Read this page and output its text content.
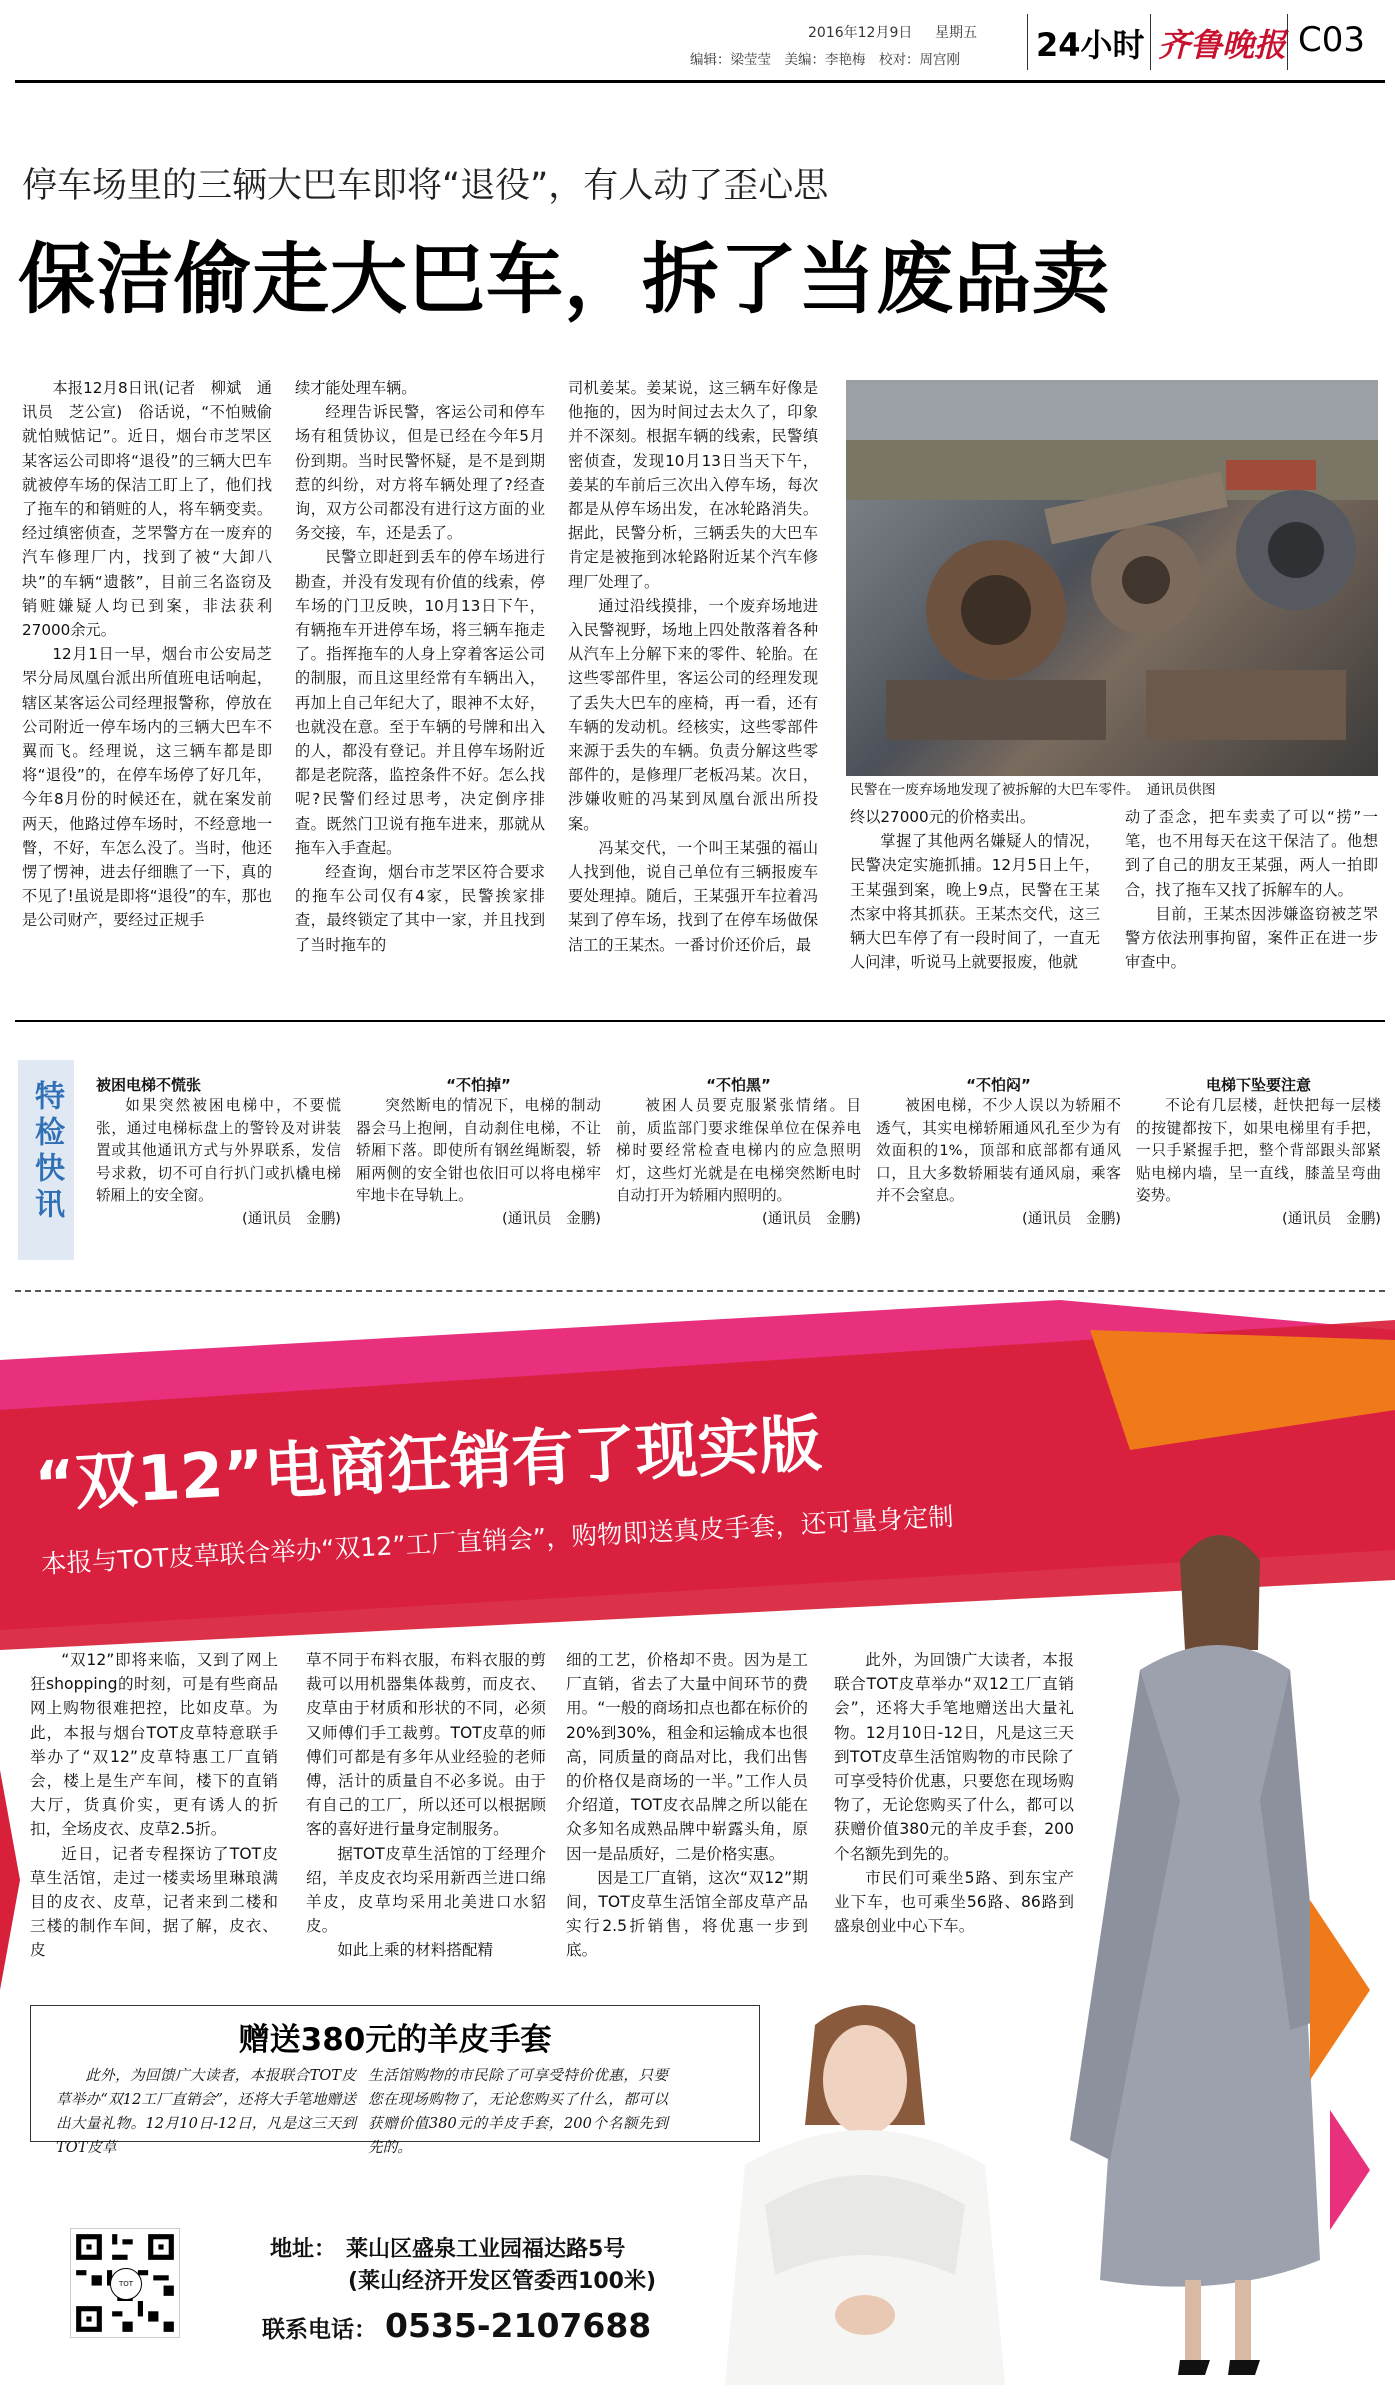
2016年12月9日 星期五
编辑：梁莹莹　美编：李艳梅　校对：周宫刚 24小时 齐鲁晚报 C03
停车场里的三辆大巴车即将“退役”，有人动了歪心思
保洁偷走大巴车，拆了当废品卖

本报12月8日讯(记者　柳斌　通讯员　芝公宣)　俗话说，“不怕贼偷就怕贼惦记”。近日，烟台市芝罘区某客运公司即将“退役”的三辆大巴车就被停车场的保洁工盯上了，他们找了拖车的和销赃的人，将车辆变卖。经过缜密侦查，芝罘警方在一废弃的汽车修理厂内，找到了被“大卸八块”的车辆“遗骸”，目前三名盗窃及销赃嫌疑人均已到案，非法获利27000余元。

12月1日一早，烟台市公安局芝罘分局凤凰台派出所值班电话响起，辖区某客运公司经理报警称，停放在公司附近一停车场内的三辆大巴车不翼而飞。经理说，这三辆车都是即将“退役”的，在停车场停了好几年，今年8月份的时候还在，就在案发前两天，他路过停车场时，不经意地一瞥，不好，车怎么没了。当时，他还愣了愣神，进去仔细瞧了一下，真的不见了!虽说是即将“退役”的车，那也是公司财产，要经过正规手

续才能处理车辆。

经理告诉民警，客运公司和停车场有租赁协议，但是已经在今年5月份到期。当时民警怀疑，是不是到期惹的纠纷，对方将车辆处理了?经查询，双方公司都没有进行这方面的业务交接，车，还是丢了。

民警立即赶到丢车的停车场进行勘查，并没有发现有价值的线索，停车场的门卫反映，10月13日下午，有辆拖车开进停车场，将三辆车拖走了。指挥拖车的人身上穿着客运公司的制服，而且这里经常有车辆出入，再加上自己年纪大了，眼神不太好，也就没在意。至于车辆的号牌和出入的人，都没有登记。并且停车场附近都是老院落，监控条件不好。怎么找呢?民警们经过思考，决定倒序排查。既然门卫说有拖车进来，那就从拖车入手查起。

经查询，烟台市芝罘区符合要求的拖车公司仅有4家，民警挨家排查，最终锁定了其中一家，并且找到了当时拖车的

司机姜某。姜某说，这三辆车好像是他拖的，因为时间过去太久了，印象并不深刻。根据车辆的线索，民警缜密侦查，发现10月13日当天下午，姜某的车前后三次出入停车场，每次都是从停车场出发，在冰轮路消失。据此，民警分析，三辆丢失的大巴车肯定是被拖到冰轮路附近某个汽车修理厂处理了。

通过沿线摸排，一个废弃场地进入民警视野，场地上四处散落着各种从汽车上分解下来的零件、轮胎。在这些零部件里，客运公司的经理发现了丢失大巴车的座椅，再一看，还有车辆的发动机。经核实，这些零部件来源于丢失的车辆。负责分解这些零部件的，是修理厂老板冯某。次日，涉嫌收赃的冯某到凤凰台派出所投案。

冯某交代，一个叫王某强的福山人找到他，说自己单位有三辆报废车要处理掉。随后，王某强开车拉着冯某到了停车场，找到了在停车场做保洁工的王某杰。一番讨价还价后，最

民警在一废弃场地发现了被拆解的大巴车零件。　通讯员供图

终以27000元的价格卖出。

掌握了其他两名嫌疑人的情况，民警决定实施抓捕。12月5日上午，王某强到案，晚上9点，民警在王某杰家中将其抓获。王某杰交代，这三辆大巴车停了有一段时间了，一直无人问津，听说马上就要报废，他就

动了歪念，把车卖卖了可以“捞”一笔，也不用每天在这干保洁了。他想到了自己的朋友王某强，两人一拍即合，找了拖车又找了拆解车的人。

目前，王某杰因涉嫌盗窃被芝罘警方依法刑事拘留，案件正在进一步审查中。

特检快讯 被困电梯不慌张

如果突然被困电梯中，不要慌张，通过电梯标盘上的警铃及对讲装置或其他通讯方式与外界联系，发信号求救，切不可自行扒门或扒橇电梯轿厢上的安全窗。

(通讯员　金鹏)
“不怕掉”

突然断电的情况下，电梯的制动器会马上抱闸，自动刹住电梯，不让轿厢下落。即使所有钢丝绳断裂，轿厢两侧的安全钳也依旧可以将电梯牢牢地卡在导轨上。

(通讯员　金鹏)
“不怕黑”

被困人员要克服紧张情绪。目前，质监部门要求维保单位在保养电梯时要经常检查电梯内的应急照明灯，这些灯光就是在电梯突然断电时自动打开为轿厢内照明的。

(通讯员　金鹏)
“不怕闷”

被困电梯，不少人误以为轿厢不透气，其实电梯轿厢通风孔至少为有效面积的1%，顶部和底部都有通风口，且大多数轿厢装有通风扇，乘客并不会窒息。

(通讯员　金鹏)
电梯下坠要注意

不论有几层楼，赶快把每一层楼的按键都按下，如果电梯里有手把，一只手紧握手把，整个背部跟头部紧贴电梯内墙，呈一直线，膝盖呈弯曲姿势。

(通讯员　金鹏)
“双12”电商狂销有了现实版
本报与TOT皮草联合举办“双12”工厂直销会”，购物即送真皮手套，还可量身定制

“双12”即将来临，又到了网上狂shopping的时刻，可是有些商品网上购物很难把控，比如皮草。为此，本报与烟台TOT皮草特意联手举办了“双12”皮草特惠工厂直销会，楼上是生产车间，楼下的直销大厅，货真价实，更有诱人的折扣，全场皮衣、皮草2.5折。

近日，记者专程探访了TOT皮草生活馆，走过一楼卖场里琳琅满目的皮衣、皮草，记者来到二楼和三楼的制作车间，据了解，皮衣、皮

草不同于布料衣服，布料衣服的剪裁可以用机器集体裁剪，而皮衣、皮草由于材质和形状的不同，必须又师傅们手工裁剪。TOT皮草的师傅们可都是有多年从业经验的老师傅，活计的质量自不必多说。由于有自己的工厂，所以还可以根据顾客的喜好进行量身定制服务。

据TOT皮草生活馆的丁经理介绍，羊皮皮衣均采用新西兰进口绵羊皮，皮草均采用北美进口水貂皮。

如此上乘的材料搭配精

细的工艺，价格却不贵。因为是工厂直销，省去了大量中间环节的费用。“一般的商场扣点也都在标价的20%到30%，租金和运输成本也很高，同质量的商品对比，我们出售的价格仅是商场的一半。”工作人员介绍道，TOT皮衣品牌之所以能在众多知名成熟品牌中崭露头角，原因一是品质好，二是价格实惠。

因是工厂直销，这次“双12”期间，TOT皮草生活馆全部皮草产品实行2.5折销售，将优惠一步到底。

此外，为回馈广大读者，本报联合TOT皮草举办“双12工厂直销会”，还将大手笔地赠送出大量礼物。12月10日-12日，凡是这三天到TOT皮草生活馆购物的市民除了可享受特价优惠，只要您在现场购物了，无论您购买了什么，都可以获赠价值380元的羊皮手套，200个名额先到先的。

市民们可乘坐5路、到东宝产业下车，也可乘坐56路、86路到盛泉创业中心下车。

赠送380元的羊皮手套
此外，为回馈广大读者，本报联合TOT皮草举办“双12工厂直销会”，还将大手笔地赠送出大量礼物。12月10日-12日，凡是这三天到TOT皮草
生活馆购物的市民除了可享受特价优惠，只要您在现场购物了，无论您购买了什么，都可以获赠价值380元的羊皮手套，200个名额先到先的。
TOT
地址： 莱山区盛泉工业园福达路5号
(莱山经济开发区管委西100米)
联系电话： 0535-2107688
